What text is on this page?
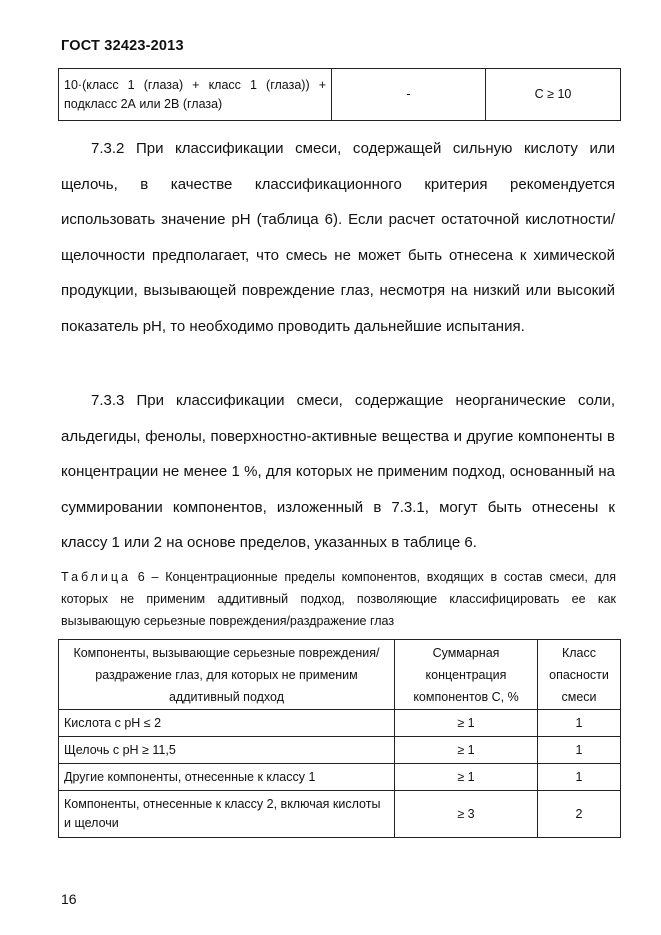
ГОСТ 32423-2013
10·(класс 1 (глаза) + класс 1 (глаза)) + подкласс 2А или 2В (глаза)	-	C ≥ 10
7.3.2 При классификации смеси, содержащей сильную кислоту или щелочь, в качестве классификационного критерия рекомендуется использовать значение pH (таблица 6). Если расчет остаточной кислотности/щелочности предполагает, что смесь не может быть отнесена к химической продукции, вызывающей повреждение глаз, несмотря на низкий или высокий показатель pH, то необходимо проводить дальнейшие испытания.
7.3.3 При классификации смеси, содержащие неорганические соли, альдегиды, фенолы, поверхностно-активные вещества и другие компоненты в концентрации не менее 1 %, для которых не применим подход, основанный на суммировании компонентов, изложенный в 7.3.1, могут быть отнесены к классу 1 или 2 на основе пределов, указанных в таблице 6.
Таблица 6 – Концентрационные пределы компонентов, входящих в состав смеси, для которых не применим аддитивный подход, позволяющие классифицировать ее как вызывающую серьезные повреждения/раздражение глаз
Компоненты, вызывающие серьезные повреждения/раздражение глаз, для которых не применим аддитивный подход	Суммарная концентрация компонентов C, %	Класс опасности смеси
Кислота с pH ≤ 2	≥ 1	1
Щелочь с pH ≥ 11,5	≥ 1	1
Другие компоненты, отнесенные к классу 1	≥ 1	1
Компоненты, отнесенные к классу 2, включая кислоты и щелочи	≥ 3	2
16
